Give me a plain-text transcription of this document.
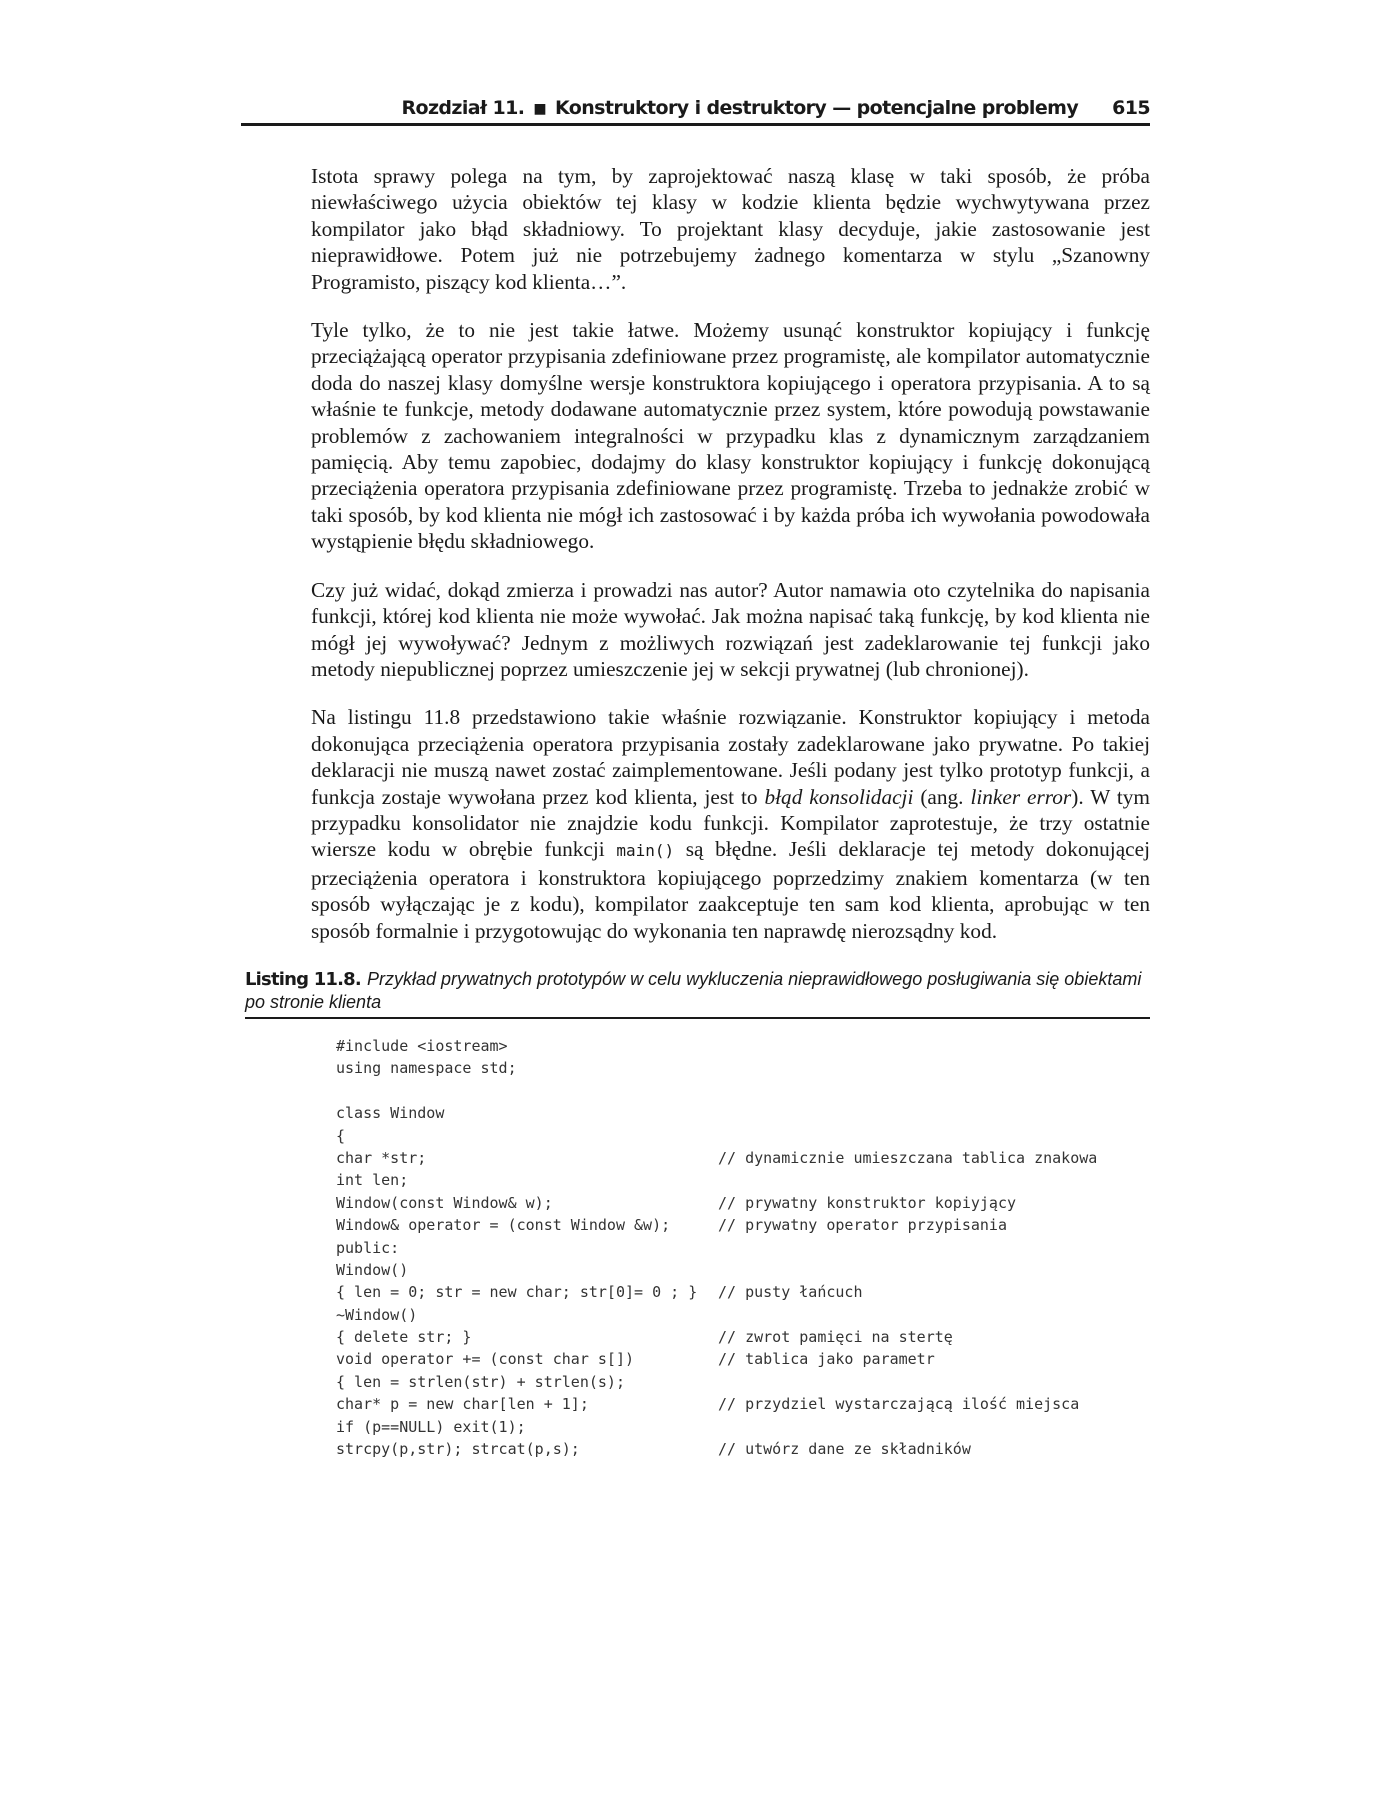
Rozdział 11. ■ Konstruktory i destruktory — potencjalne problemy 615

Istota sprawy polega na tym, by zaprojektować naszą klasę w taki sposób, że próba niewłaściwego użycia obiektów tej klasy w kodzie klienta będzie wychwytywana przez kompilator jako błąd składniowy. To projektant klasy decyduje, jakie zastosowanie jest nieprawidłowe. Potem już nie potrzebujemy żadnego komentarza w stylu „Szanowny Programisto, piszący kod klienta…”.

Tyle tylko, że to nie jest takie łatwe. Możemy usunąć konstruktor kopiujący i funkcję przeciążającą operator przypisania zdefiniowane przez programistę, ale kompilator automatycznie doda do naszej klasy domyślne wersje konstruktora kopiującego i operatora przypisania. A to są właśnie te funkcje, metody dodawane automatycznie przez system, które powodują powstawanie problemów z zachowaniem integralności w przypadku klas z dynamicznym zarządzaniem pamięcią. Aby temu zapobiec, dodajmy do klasy konstruktor kopiujący i funkcję dokonującą przeciążenia operatora przypisania zdefiniowane przez programistę. Trzeba to jednakże zrobić w taki sposób, by kod klienta nie mógł ich zastosować i by każda próba ich wywołania powodowała wystąpienie błędu składniowego.

Czy już widać, dokąd zmierza i prowadzi nas autor? Autor namawia oto czytelnika do napisania funkcji, której kod klienta nie może wywołać. Jak można napisać taką funkcję, by kod klienta nie mógł jej wywoływać? Jednym z możliwych rozwiązań jest zadeklarowanie tej funkcji jako metody niepublicznej poprzez umieszczenie jej w sekcji prywatnej (lub chronionej).

Na listingu 11.8 przedstawiono takie właśnie rozwiązanie. Konstruktor kopiujący i metoda dokonująca przeciążenia operatora przypisania zostały zadeklarowane jako prywatne. Po takiej deklaracji nie muszą nawet zostać zaimplementowane. Jeśli podany jest tylko prototyp funkcji, a funkcja zostaje wywołana przez kod klienta, jest to błąd konsolidacji (ang. linker error). W tym przypadku konsolidator nie znajdzie kodu funkcji. Kompilator zaprotestuje, że trzy ostatnie wiersze kodu w obrębie funkcji main() są błędne. Jeśli deklaracje tej metody dokonującej przeciążenia operatora i konstruktora kopiującego poprzedzimy znakiem komentarza (w ten sposób wyłączając je z kodu), kompilator zaakceptuje ten sam kod klienta, aprobując w ten sposób formalnie i przygotowując do wykonania ten naprawdę nierozsądny kod.

Listing 11.8. Przykład prywatnych prototypów w celu wykluczenia nieprawidłowego posługiwania się obiektami po stronie klienta
#include <iostream>
using namespace std;
class Window
{
char *str;	// dynamicznie umieszczana tablica znakowa
int len;
Window(const Window& w);	// prywatny konstruktor kopiyjący
Window& operator = (const Window &w);	// prywatny operator przypisania
public:
Window()
{ len = 0; str = new char; str[0]= 0 ; } // pusty łańcuch
~Window()
{ delete str; }	// zwrot pamięci na stertę
void operator += (const char s[])	// tablica jako parametr
{ len = strlen(str) + strlen(s);
char* p = new char[len + 1];	// przydziel wystarczającą ilość miejsca
if (p==NULL) exit(1);
strcpy(p,str); strcat(p,s);	// utwórz dane ze składników
